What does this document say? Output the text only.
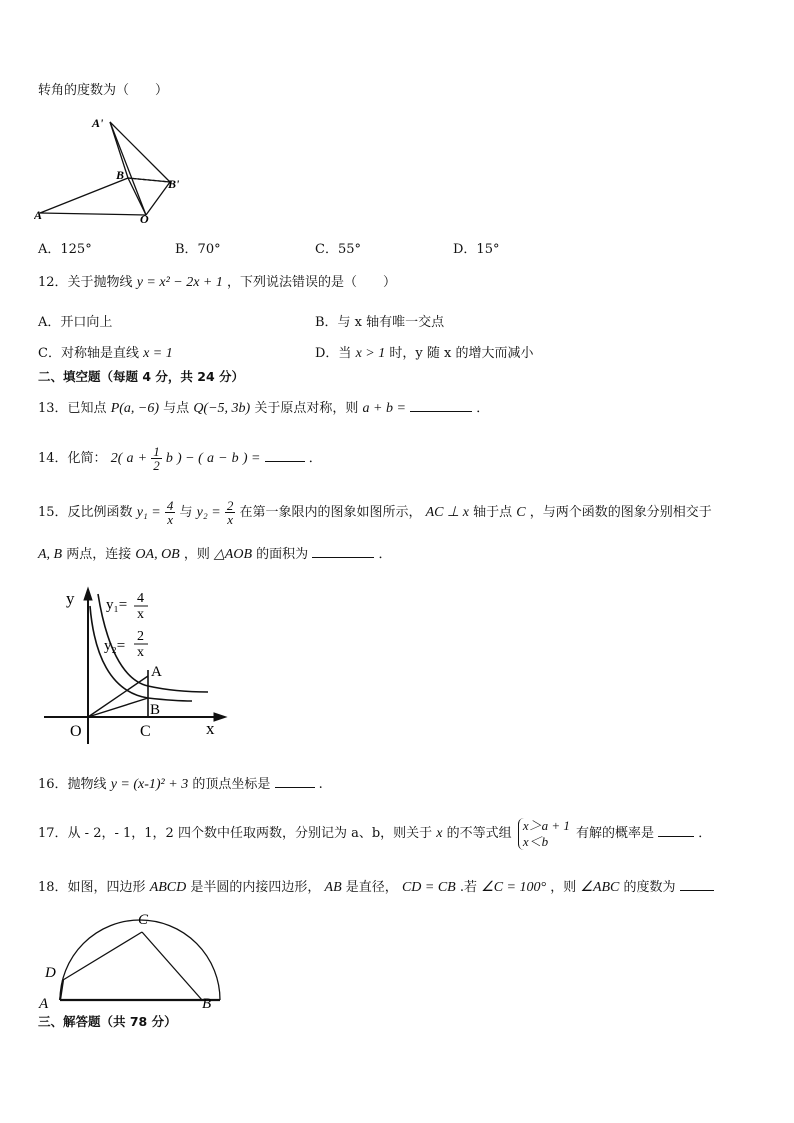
转角的度数为（　　）
A'
B
B'
A	O
A．125°	B．70°	C．55°	D．15°
12．关于抛物线 y = x² − 2x + 1 ，下列说法错误的是（　　）
A．开口向上	B．与 x 轴有唯一交点
C．对称轴是直线 x = 1	D．当 x > 1 时，y 随 x 的增大而减小
二、填空题（每题 4 分，共 24 分）
13．已知点 P(a, −6) 与点 Q(−5, 3b) 关于原点对称，则 a + b =	．
14．化简： 2( $a + \frac{1}{2}$ b ) − ( a − b ) =	．
15．反比例函数 $y_1 = \frac{4}{x}$ 与 $y_2 = \frac{2}{x}$ 在第一象限内的图象如图所示， AC ⊥ x 轴于点 C ，与两个函数的图象分别相交于
A, B 两点，连接 OA, OB ，则 △AOB 的面积为	．
y
x
y₁= 4
x
y₂=
2
x
A
B
O	C
16．抛物线 y = (x-1)² + 3 的顶点坐标是	.
17．从 - 2，- 1，1，2 四个数中任取两数，分别记为 a、b，则关于 x 的不等式组
x＞a + 1
x＜b	有解的概率是	．
18．如图，四边形 ABCD 是半圆的内接四边形， AB 是直径， CD = CB .若 ∠C = 100° ，则 ∠ABC 的度数为
C
D
A	B
三、解答题（共 78 分）
